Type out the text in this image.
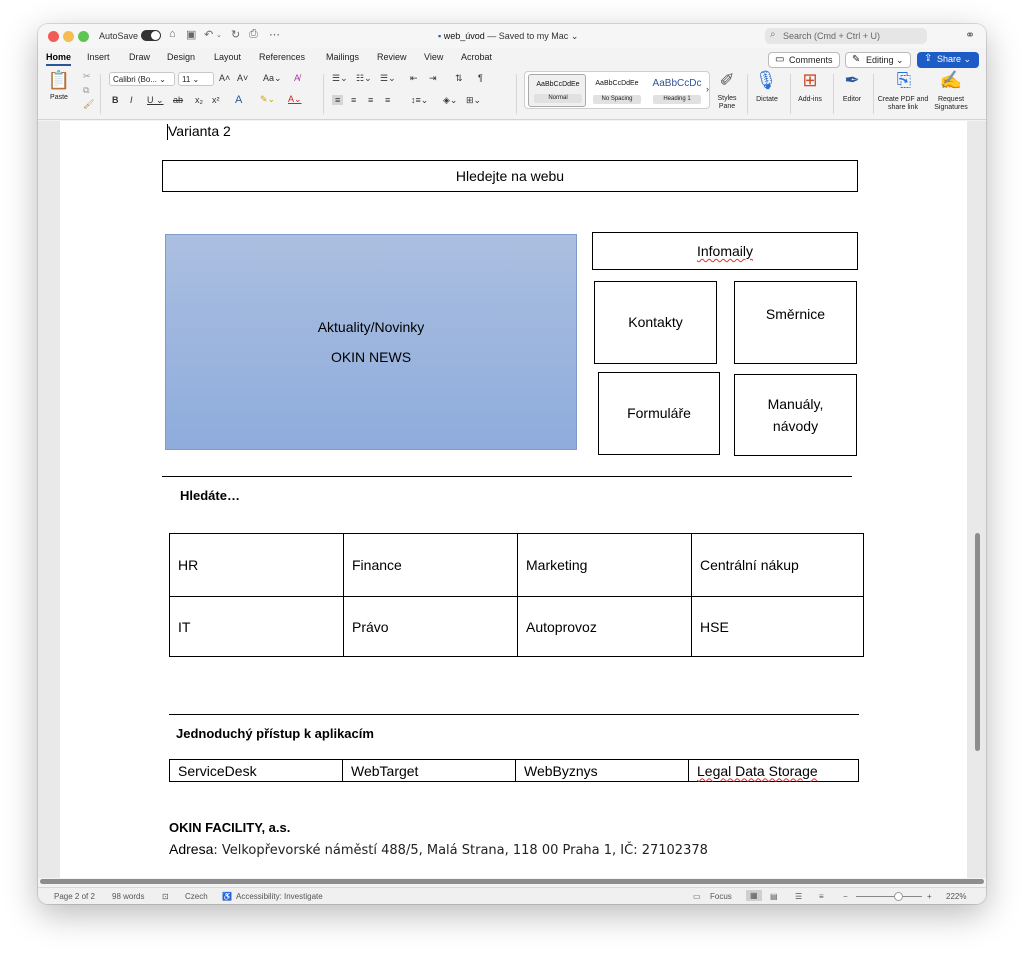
AutoSave	⌂ ▣ ↶ ⌄ ↻ ⎙ ⋯	▪ web_úvod — Saved to my Mac ⌄	⌕ Search (Cmd + Ctrl + U)	⚭
Home Insert Draw Design Layout References Mailings Review View Acrobat	▭ Comments	✎ Editing ⌄	⇪ Share ⌄
📋
Paste
✂
⧉
🖌
Calibri (Bo... ⌄	11 ⌄	A˄ A˅ Aa⌄ A̸
B I U ⌄ ab x₂ x² A ✎⌄ A⌄
☰⌄ ☷⌄ ☰⌄ ⇤ ⇥ ⇅ ¶
≡	≡ ≡ ≡ ↕≡⌄ ◈⌄ ⊞⌄
AaBbCcDdEe
Normal
AaBbCcDdEe
No Spacing
AaBbCcDc
Heading 1
› ✐
Styles Pane
🎙
Dictate
⊞
Add-ins
✒
Editor
⎘
Create PDF and share link
✍
Request Signatures
Varianta 2
Hledejte na webu
Aktuality/Novinky
OKIN NEWS
Infomaily
Kontakty	Směrnice
Formuláře
Manuály,
návody
Hledáte…
HR	Finance	Marketing	Centrální nákup
IT	Právo	Autoprovoz	HSE
Jednoduchý přístup k aplikacím
ServiceDesk	WebTarget	WebByznys	Legal Data Storage
OKIN FACILITY, a.s.
Adresa: Velkopřevorské náměstí 488/5, Malá Strana, 118 00 Praha 1, IČ: 27102378
Page 2 of 2 98 words ⊡ Czech ♿ Accessibility: Investigate	▭ Focus	▦	▤ ☰ ≡ −	+ 222%
